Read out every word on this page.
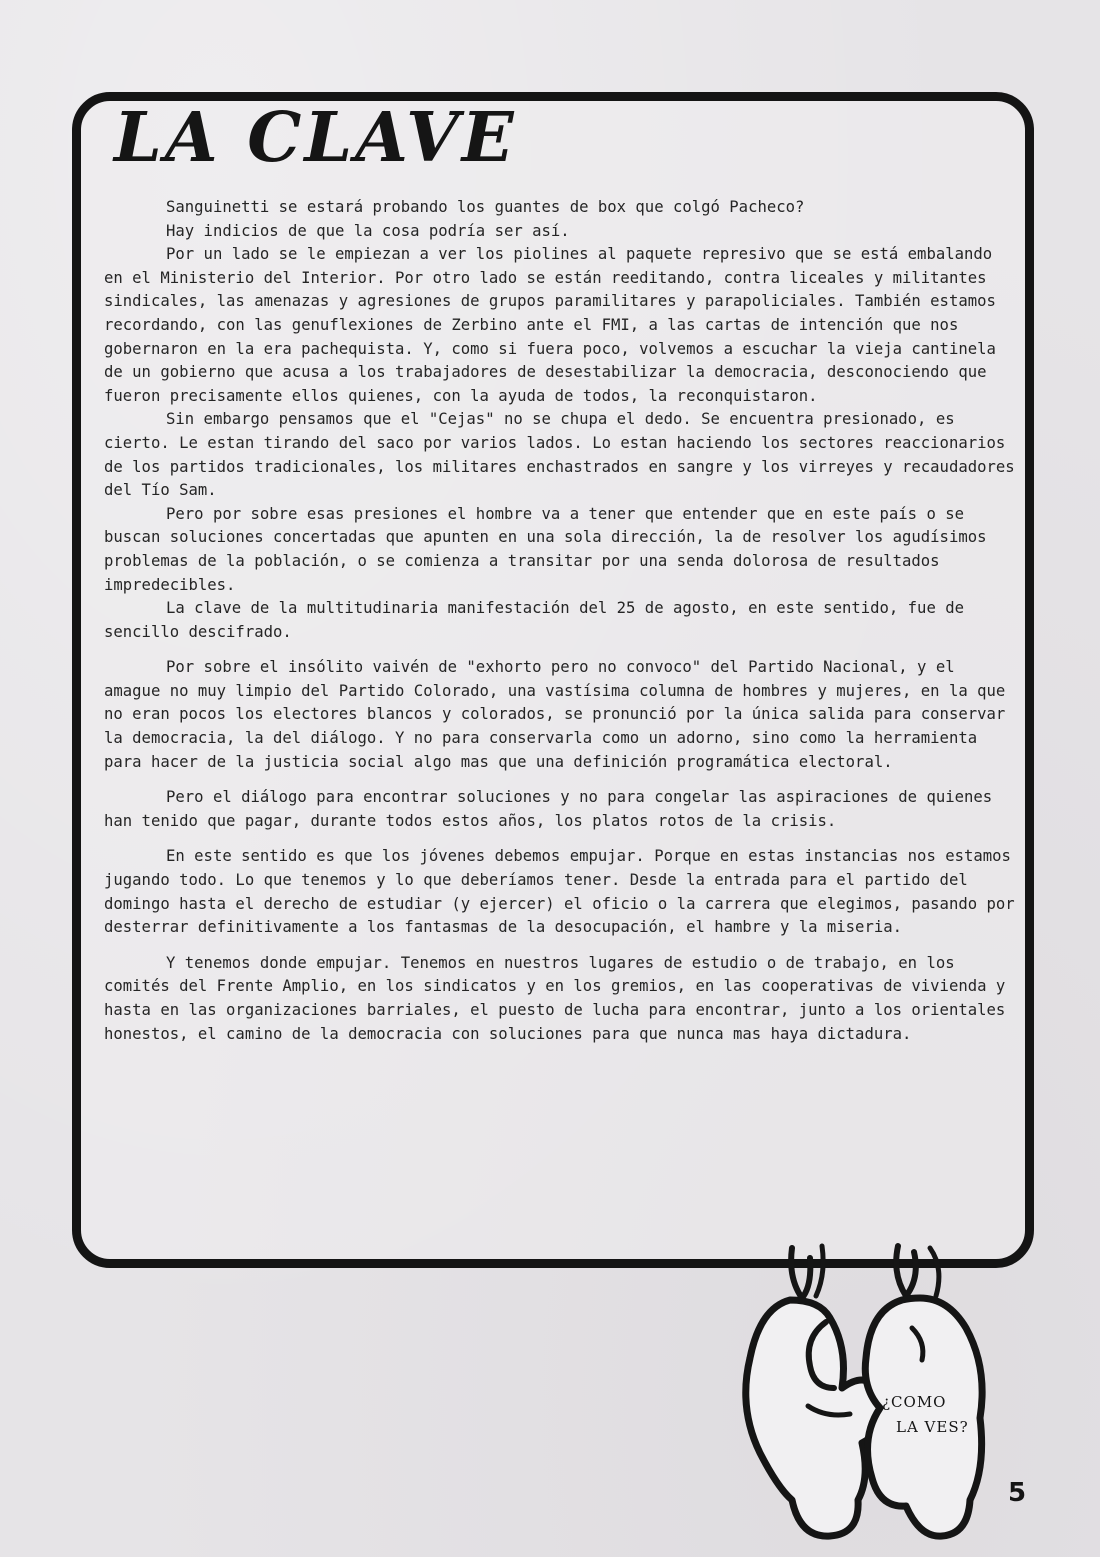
LA CLAVE

Sanguinetti se estará probando los guantes de box que colgó Pacheco?

Hay indicios de que la cosa podría ser así.

Por un lado se le empiezan a ver los piolines al paquete represivo que se está embalando en el Ministerio del Interior. Por otro lado se están reeditando, contra liceales y militantes sindicales, las amenazas y agresiones de grupos paramilitares y parapoliciales. También estamos recordando, con las genuflexiones de Zerbino ante el FMI, a las cartas de intención que nos gobernaron en la era pachequista. Y, como si fuera poco, volvemos a escuchar la vieja cantinela de un gobierno que acusa a los trabajadores de desestabilizar la democracia, desconociendo que fueron precisamente ellos quienes, con la ayuda de todos, la reconquistaron.

Sin embargo pensamos que el "Cejas" no se chupa el dedo. Se encuentra presionado, es cierto. Le estan tirando del saco por varios lados. Lo estan haciendo los sectores reaccionarios de los partidos tradicionales, los militares enchastrados en sangre y los virreyes y recaudadores del Tío Sam.

Pero por sobre esas presiones el hombre va a tener que entender que en este país o se buscan soluciones concertadas que apunten en una sola dirección, la de resolver los agudísimos problemas de la población, o se comienza a transitar por una senda dolorosa de resultados impredecibles.

La clave de la multitudinaria manifestación del 25 de agosto, en este sentido, fue de sencillo descifrado.

Por sobre el insólito vaivén de "exhorto pero no convoco" del Partido Nacional, y el amague no muy limpio del Partido Colorado, una vastísima columna de hombres y mujeres, en la que no eran pocos los electores blancos y colorados, se pronunció por la única salida para conservar la democracia, la del diálogo. Y no para conservarla como un adorno, sino como la herramienta para hacer de la justicia social algo mas que una definición programática electoral.

Pero el diálogo para encontrar soluciones y no para congelar las aspiraciones de quienes han tenido que pagar, durante todos estos años, los platos rotos de la crisis.

En este sentido es que los jóvenes debemos empujar. Porque en estas instancias nos estamos jugando todo. Lo que tenemos y lo que deberíamos tener. Desde la entrada para el partido del domingo hasta el derecho de estudiar (y ejercer) el oficio o la carrera que elegimos, pasando por desterrar definitivamente a los fantasmas de la desocupación, el hambre y la miseria.

Y tenemos donde empujar. Tenemos en nuestros lugares de estudio o de trabajo, en los comités del Frente Amplio, en los sindicatos y en los gremios, en las cooperativas de vivienda y hasta en las organizaciones barriales, el puesto de lucha para encontrar, junto a los orientales honestos, el camino de la democracia con soluciones para que nunca mas haya dictadura.

¿COMO
LA VES?
5
